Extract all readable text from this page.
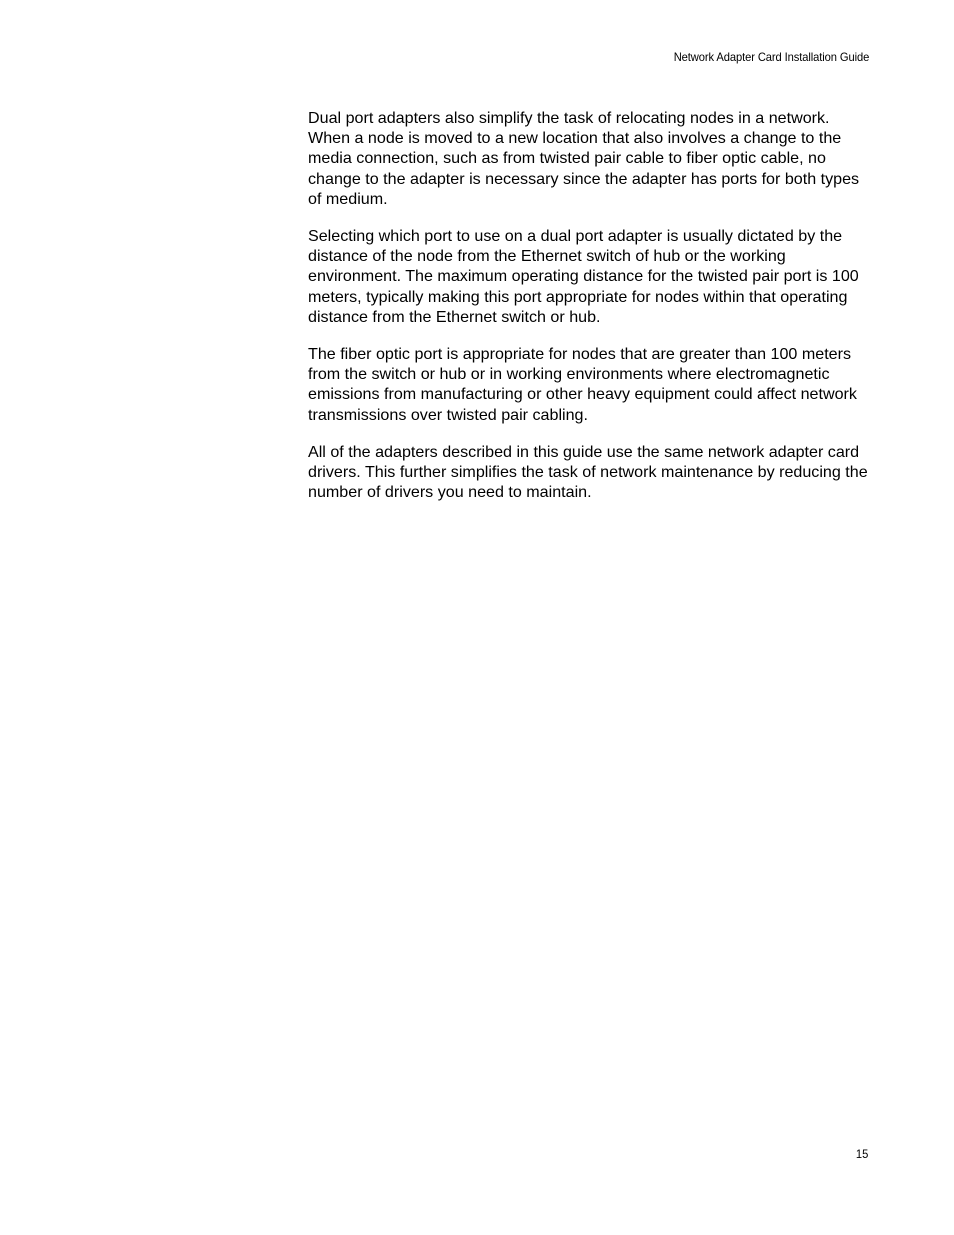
Network Adapter Card Installation Guide

Dual port adapters also simplify the task of relocating nodes in a network. When a node is moved to a new location that also involves a change to the media connection, such as from twisted pair cable to fiber optic cable, no change to the adapter is necessary since the adapter has ports for both types of medium.

Selecting which port to use on a dual port adapter is usually dictated by the distance of the node from the Ethernet switch of hub or the working environment. The maximum operating distance for the twisted pair port is 100 meters, typically making this port appropriate for nodes within that operating distance from the Ethernet switch or hub.

The fiber optic port is appropriate for nodes that are greater than 100 meters from the switch or hub or in working environments where electromagnetic emissions from manufacturing or other heavy equipment could affect network transmissions over twisted pair cabling.

All of the adapters described in this guide use the same network adapter card drivers. This further simplifies the task of network maintenance by reducing the number of drivers you need to maintain.

15
